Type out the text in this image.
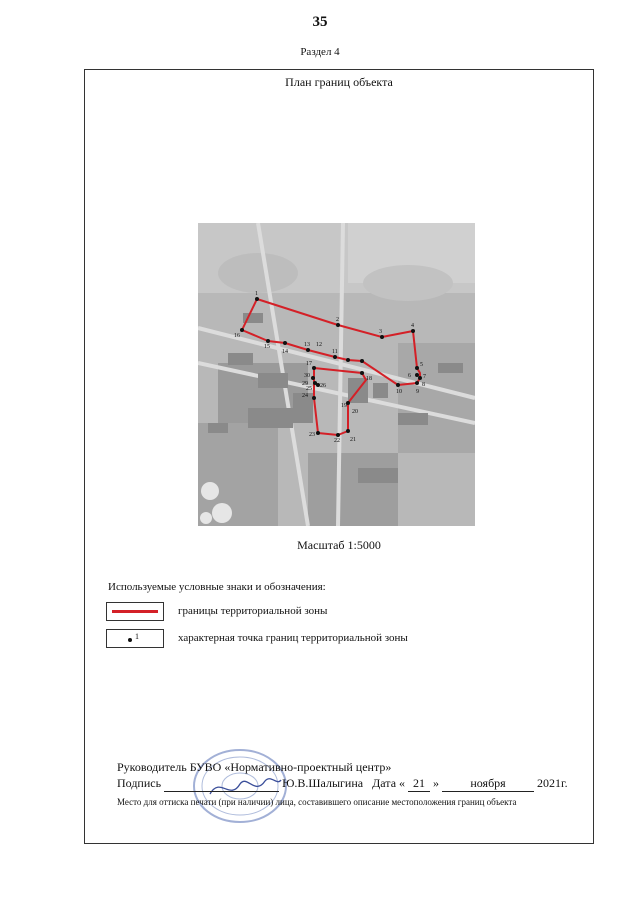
35
Раздел 4
План границ объекта
1
2
3
4
5
6 7
8
9
10
11
12
13
14
15
16
17
18
19
20
21
22
23
24
25 26
29
30
Масштаб 1:5000
Используемые условные знаки и обозначения:
границы территориальной зоны
1	характерная точка границ территориальной зоны
Руководитель БУВО «Нормативно-проектный центр»
Подпись	Ю.В.Шалыгина Дата « 21 »	ноября	2021г.
Место для оттиска печати (при наличии) лица, составившего описание местоположения границ объекта
